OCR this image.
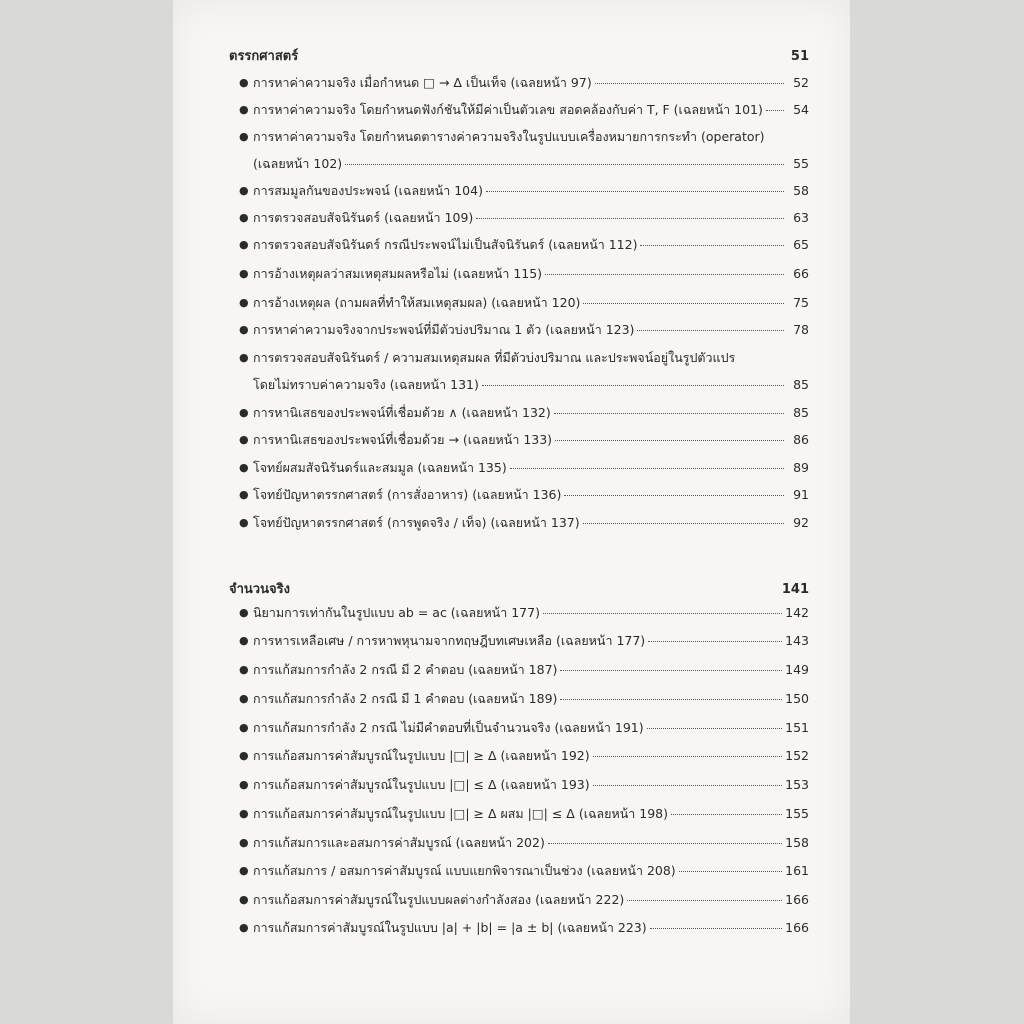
ตรรกศาสตร์	51
● การหาค่าความจริง เมื่อกำหนด □ → Δ เป็นเท็จ (เฉลยหน้า 97)	52
● การหาค่าความจริง โดยกำหนดฟังก์ชันให้มีค่าเป็นตัวเลข สอดคล้องกับค่า T, F (เฉลยหน้า 101)	54
● การหาค่าความจริง โดยกำหนดตารางค่าความจริงในรูปแบบเครื่องหมายการกระทำ (operator)
(เฉลยหน้า 102)	55
● การสมมูลกันของประพจน์ (เฉลยหน้า 104)	58
● การตรวจสอบสัจนิรันดร์ (เฉลยหน้า 109)	63
● การตรวจสอบสัจนิรันดร์ กรณีประพจน์ไม่เป็นสัจนิรันดร์ (เฉลยหน้า 112)	65
● การอ้างเหตุผลว่าสมเหตุสมผลหรือไม่ (เฉลยหน้า 115)	66
● การอ้างเหตุผล (ถามผลที่ทำให้สมเหตุสมผล) (เฉลยหน้า 120)	75
● การหาค่าความจริงจากประพจน์ที่มีตัวบ่งปริมาณ 1 ตัว (เฉลยหน้า 123)	78
● การตรวจสอบสัจนิรันดร์ / ความสมเหตุสมผล ที่มีตัวบ่งปริมาณ และประพจน์อยู่ในรูปตัวแปร
โดยไม่ทราบค่าความจริง (เฉลยหน้า 131)	85
● การหานิเสธของประพจน์ที่เชื่อมด้วย ∧ (เฉลยหน้า 132)	85
● การหานิเสธของประพจน์ที่เชื่อมด้วย → (เฉลยหน้า 133)	86
● โจทย์ผสมสัจนิรันดร์และสมมูล (เฉลยหน้า 135)	89
● โจทย์ปัญหาตรรกศาสตร์ (การสั่งอาหาร) (เฉลยหน้า 136)	91
● โจทย์ปัญหาตรรกศาสตร์ (การพูดจริง / เท็จ) (เฉลยหน้า 137)	92
จำนวนจริง	141
● นิยามการเท่ากันในรูปแบบ ab = ac (เฉลยหน้า 177)	142
● การหารเหลือเศษ / การหาพหุนามจากทฤษฎีบทเศษเหลือ (เฉลยหน้า 177)	143
● การแก้สมการกำลัง 2 กรณี มี 2 คำตอบ (เฉลยหน้า 187)	149
● การแก้สมการกำลัง 2 กรณี มี 1 คำตอบ (เฉลยหน้า 189)	150
● การแก้สมการกำลัง 2 กรณี ไม่มีคำตอบที่เป็นจำนวนจริง (เฉลยหน้า 191)	151
● การแก้อสมการค่าสัมบูรณ์ในรูปแบบ |□| ≥ Δ (เฉลยหน้า 192)	152
● การแก้อสมการค่าสัมบูรณ์ในรูปแบบ |□| ≤ Δ (เฉลยหน้า 193)	153
● การแก้อสมการค่าสัมบูรณ์ในรูปแบบ |□| ≥ Δ ผสม |□| ≤ Δ (เฉลยหน้า 198)	155
● การแก้สมการและอสมการค่าสัมบูรณ์ (เฉลยหน้า 202)	158
● การแก้สมการ / อสมการค่าสัมบูรณ์ แบบแยกพิจารณาเป็นช่วง (เฉลยหน้า 208)	161
● การแก้อสมการค่าสัมบูรณ์ในรูปแบบผลต่างกำลังสอง (เฉลยหน้า 222)	166
● การแก้สมการค่าสัมบูรณ์ในรูปแบบ |a| + |b| = |a ± b| (เฉลยหน้า 223)	166
